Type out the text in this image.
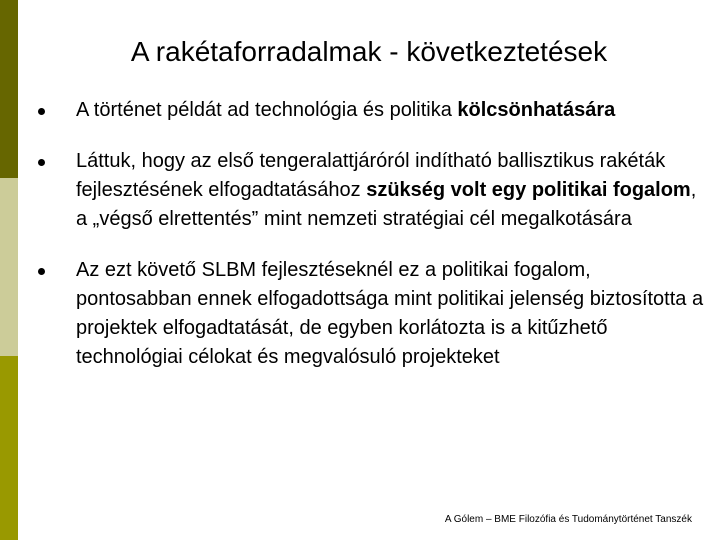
A rakétaforradalmak - következtetések
A történet példát ad technológia és politika kölcsönhatására
Láttuk, hogy az első tengeralattjáróról indítható ballisztikus rakéták fejlesztésének elfogadtatásához szükség volt egy politikai fogalom, a „végső elrettentés” mint nemzeti stratégiai cél megalkotására
Az ezt követő SLBM fejlesztéseknél ez a politikai fogalom, pontosabban ennek elfogadottsága mint politikai jelenség biztosította a projektek elfogadtatását, de egyben korlátozta is a kitűzhető technológiai célokat és megvalósuló projekteket
A Gólem – BME Filozófia és Tudománytörténet Tanszék
